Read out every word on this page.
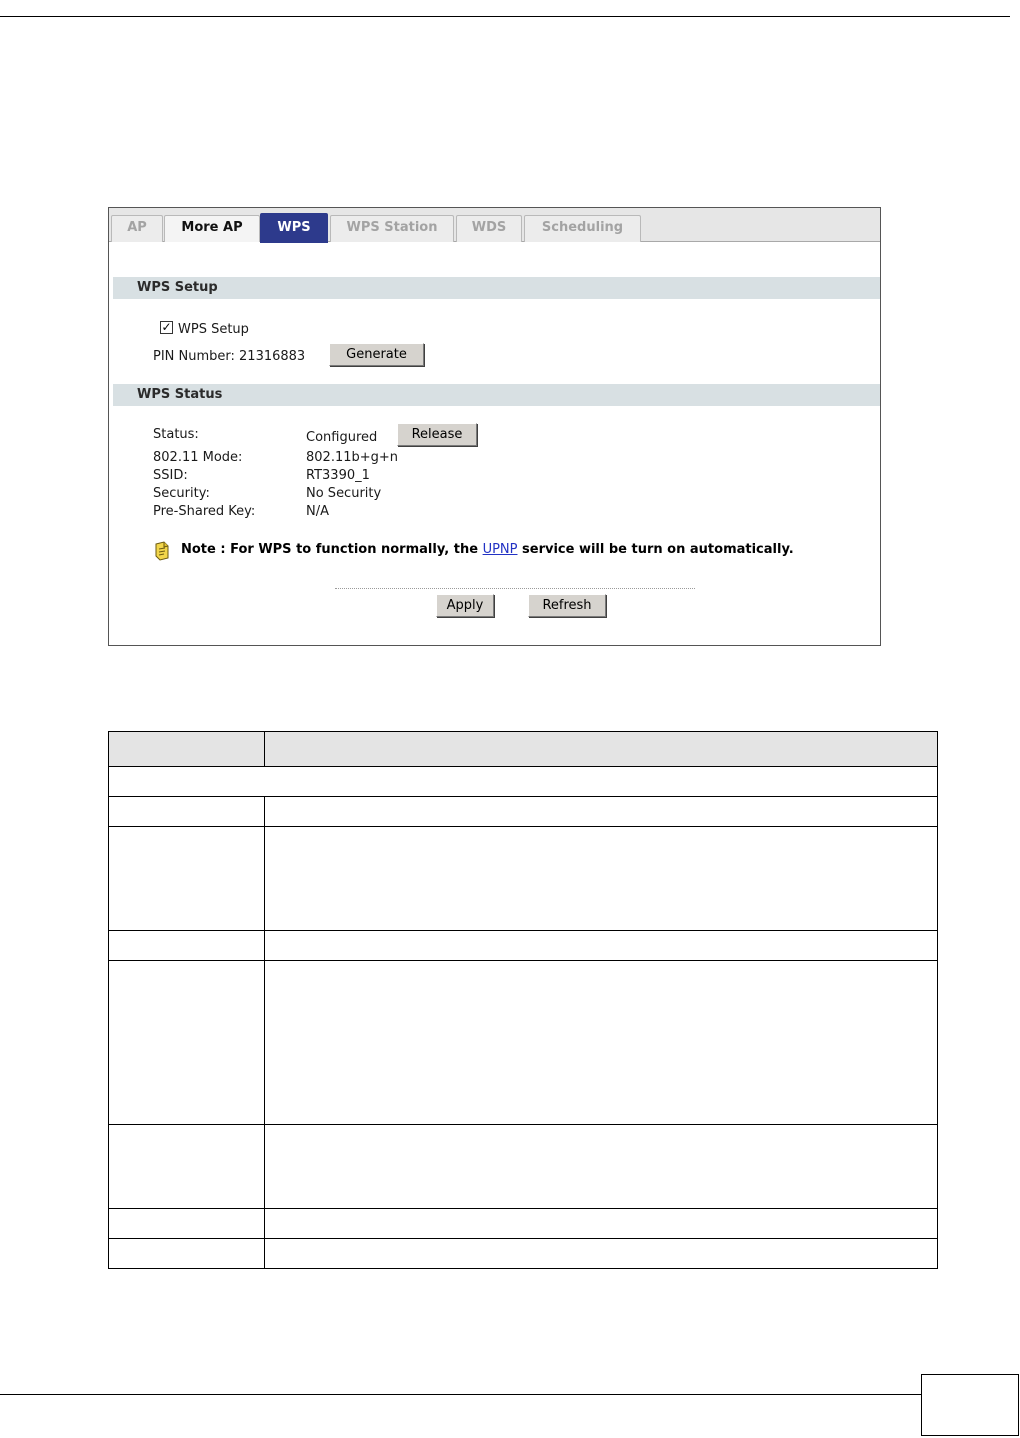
AP	More AP	WPS	WPS Station	WDS	Scheduling
WPS Setup
✓ WPS Setup
PIN Number: 21316883	Generate
WPS Status
Status:	Configured	Release
802.11 Mode:	802.11b+g+n
SSID:	RT3390_1
Security:	No Security
Pre-Shared Key:	N/A
Note : For WPS to function normally, the UPNP service will be turn on automatically.
Apply	Refresh
